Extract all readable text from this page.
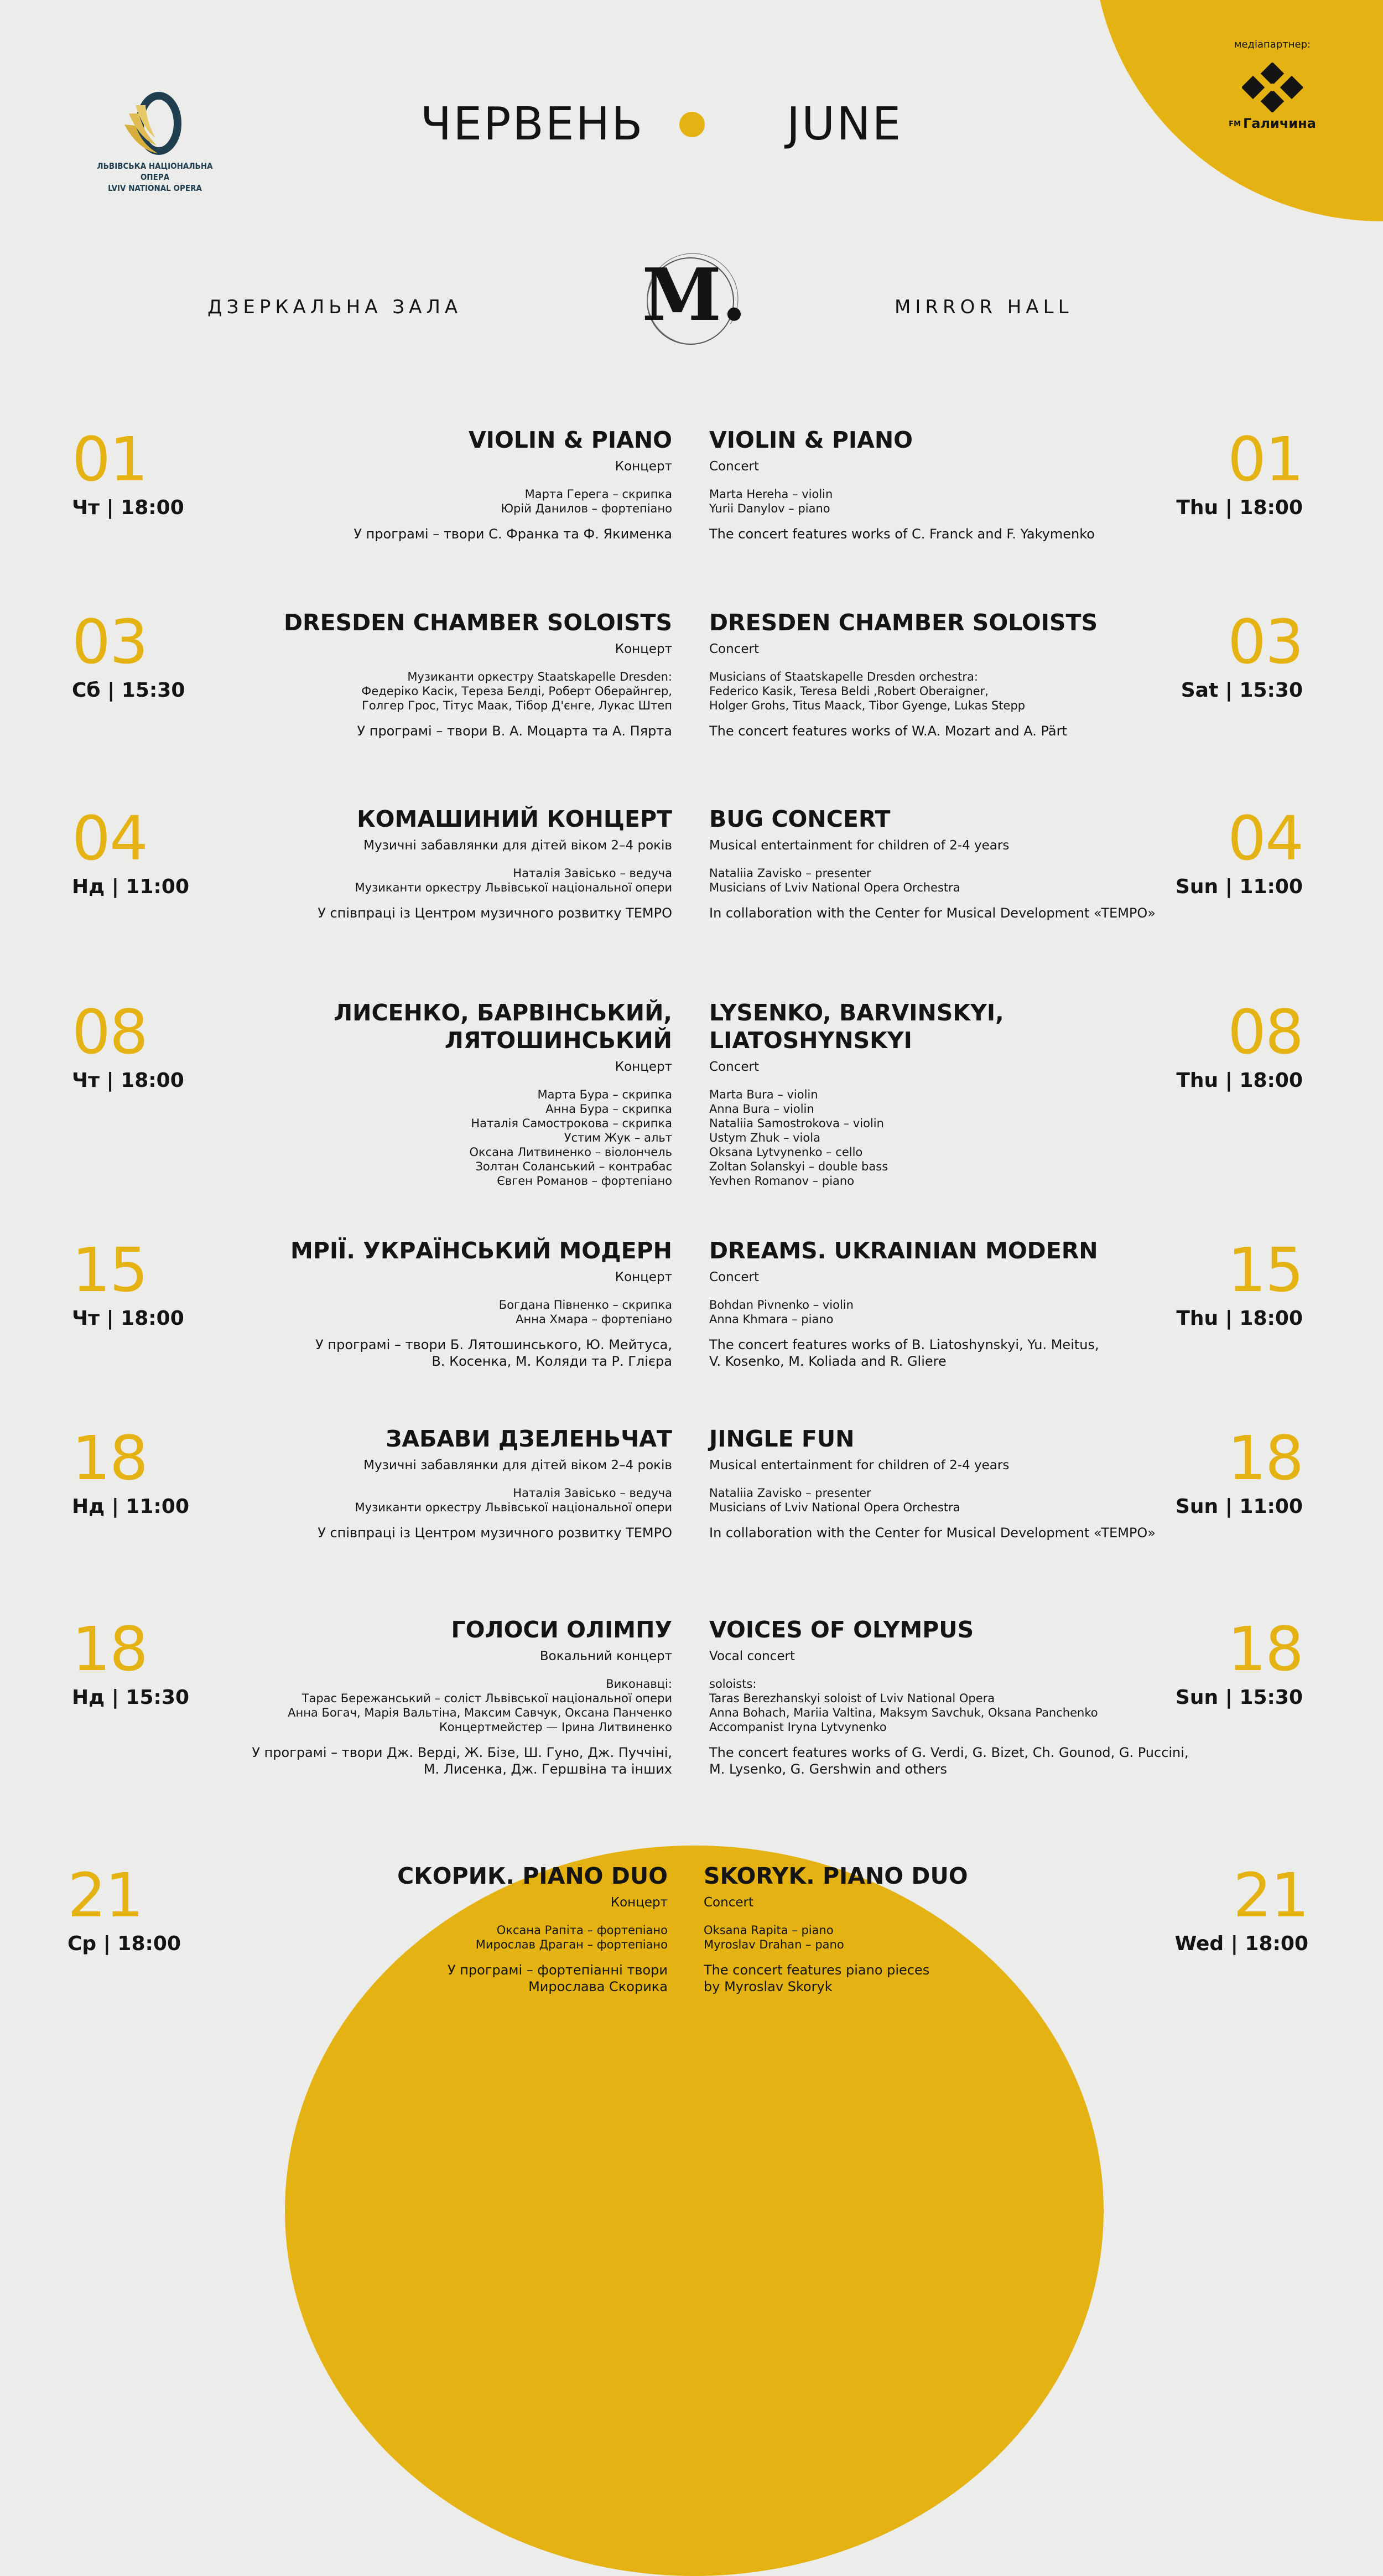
ЛЬВІВСЬКА НАЦІОНАЛЬНА ОПЕРА
LVIV NATIONAL OPERA
ЧЕРВЕНЬ	JUNE
медіапартнер:
FM Галичина
ДЗЕРКАЛЬНА ЗАЛА	M.	MIRROR HALL
01
Чт | 18:00
VIOLIN & PIANO
Концерт
Марта Герега – скрипка
Юрій Данилов – фортепіано
У програмі – твори С. Франка та Ф. Якименка
VIOLIN & PIANO
Concert
Marta Hereha – violin
Yurii Danylov – piano
The concert features works of C. Franck and F. Yakymenko
01
Thu | 18:00
03
Сб | 15:30
DRESDEN CHAMBER SOLOISTS
Концерт
Музиканти оркестру Staatskapelle Dresden:
Федеріко Касік, Тереза Белді, Роберт Оберайнгер,
Голгер Грос, Тітус Маак, Тібор Д'єнге, Лукас Штеп
У програмі – твори В. А. Моцарта та А. Пярта
DRESDEN CHAMBER SOLOISTS
Concert
Musicians of Staatskapelle Dresden orchestra:
Federico Kasik, Teresa Beldi ,Robert Oberaigner,
Holger Grohs, Titus Maack, Tibor Gyenge, Lukas Stepp
The concert features works of W.A. Mozart and A. Pärt
03
Sat | 15:30
04
Нд | 11:00
КОМАШИНИЙ КОНЦЕРТ
Музичні забавлянки для дітей віком 2–4 років
Наталія Завісько – ведуча
Музиканти оркестру Львівської національної опери
У співпраці із Центром музичного розвитку TEMPO
BUG CONCERT
Musical entertainment for children of 2-4 years
Nataliia Zavisko – presenter
Musicians of Lviv National Opera Orchestra
In collaboration with the Center for Musical Development «TEMPO»
04
Sun | 11:00
08
Чт | 18:00
ЛИСЕНКО, БАРВІНСЬКИЙ,
ЛЯТОШИНСЬКИЙ
Концерт
Марта Бура – скрипка
Анна Бура – скрипка
Наталія Самострокова – скрипка
Устим Жук – альт
Оксана Литвиненко – віолончель
Золтан Соланський – контрабас
Євген Романов – фортепіано
LYSENKO, BARVINSKYI,
LIATOSHYNSKYI
Concert
Marta Bura – violin
Anna Bura – violin
Nataliia Samostrokova – violin
Ustym Zhuk – viola
Oksana Lytvynenko – cello
Zoltan Solanskyi – double bass
Yevhen Romanov – piano
08
Thu | 18:00
15
Чт | 18:00
МРІЇ. УКРАЇНСЬКИЙ МОДЕРН
Концерт
Богдана Півненко – скрипка
Анна Хмара – фортепіано
У програмі – твори Б. Лятошинського, Ю. Мейтуса,
В. Косенка, М. Коляди та Р. Глієра
DREAMS. UKRAINIAN MODERN
Concert
Bohdan Pivnenko – violin
Anna Khmara – piano
The concert features works of B. Liatoshynskyi, Yu. Meitus,
V. Kosenko, M. Koliada and R. Gliere
15
Thu | 18:00
18
Нд | 11:00
ЗАБАВИ ДЗЕЛЕНЬЧАТ
Музичні забавлянки для дітей віком 2–4 років
Наталія Завісько – ведуча
Музиканти оркестру Львівської національної опери
У співпраці із Центром музичного розвитку TEMPO
JINGLE FUN
Musical entertainment for children of 2-4 years
Nataliia Zavisko – presenter
Musicians of Lviv National Opera Orchestra
In collaboration with the Center for Musical Development «TEMPO»
18
Sun | 11:00
18
Нд | 15:30
ГОЛОСИ ОЛІМПУ
Вокальний концерт
Виконавці:
Тарас Бережанський – соліст Львівської національної опери
Анна Богач, Марія Вальтіна, Максим Савчук, Оксана Панченко
Концертмейстер — Ірина Литвиненко
У програмі – твори Дж. Верді, Ж. Бізе, Ш. Гуно, Дж. Пуччіні,
М. Лисенка, Дж. Гершвіна та інших
VOICES OF OLYMPUS
Vocal concert
soloists:
Taras Berezhanskyi soloist of Lviv National Opera
Anna Bohach, Mariia Valtina, Maksym Savchuk, Oksana Panchenko
Accompanist Iryna Lytvynenko
The concert features works of G. Verdi, G. Bizet, Ch. Gounod, G. Puccini,
M. Lysenko, G. Gershwin and others
18
Sun | 15:30
21
Ср | 18:00
СКОРИК. PIANO DUO
Концерт
Оксана Рапіта – фортепіано
Мирослав Драган – фортепіано
У програмі – фортепіанні твори
Мирослава Скорика
SKORYK. PIANO DUO
Concert
Oksana Rapita – piano
Myroslav Drahan – pano
The concert features piano pieces
by Myroslav Skoryk
21
Wed | 18:00
